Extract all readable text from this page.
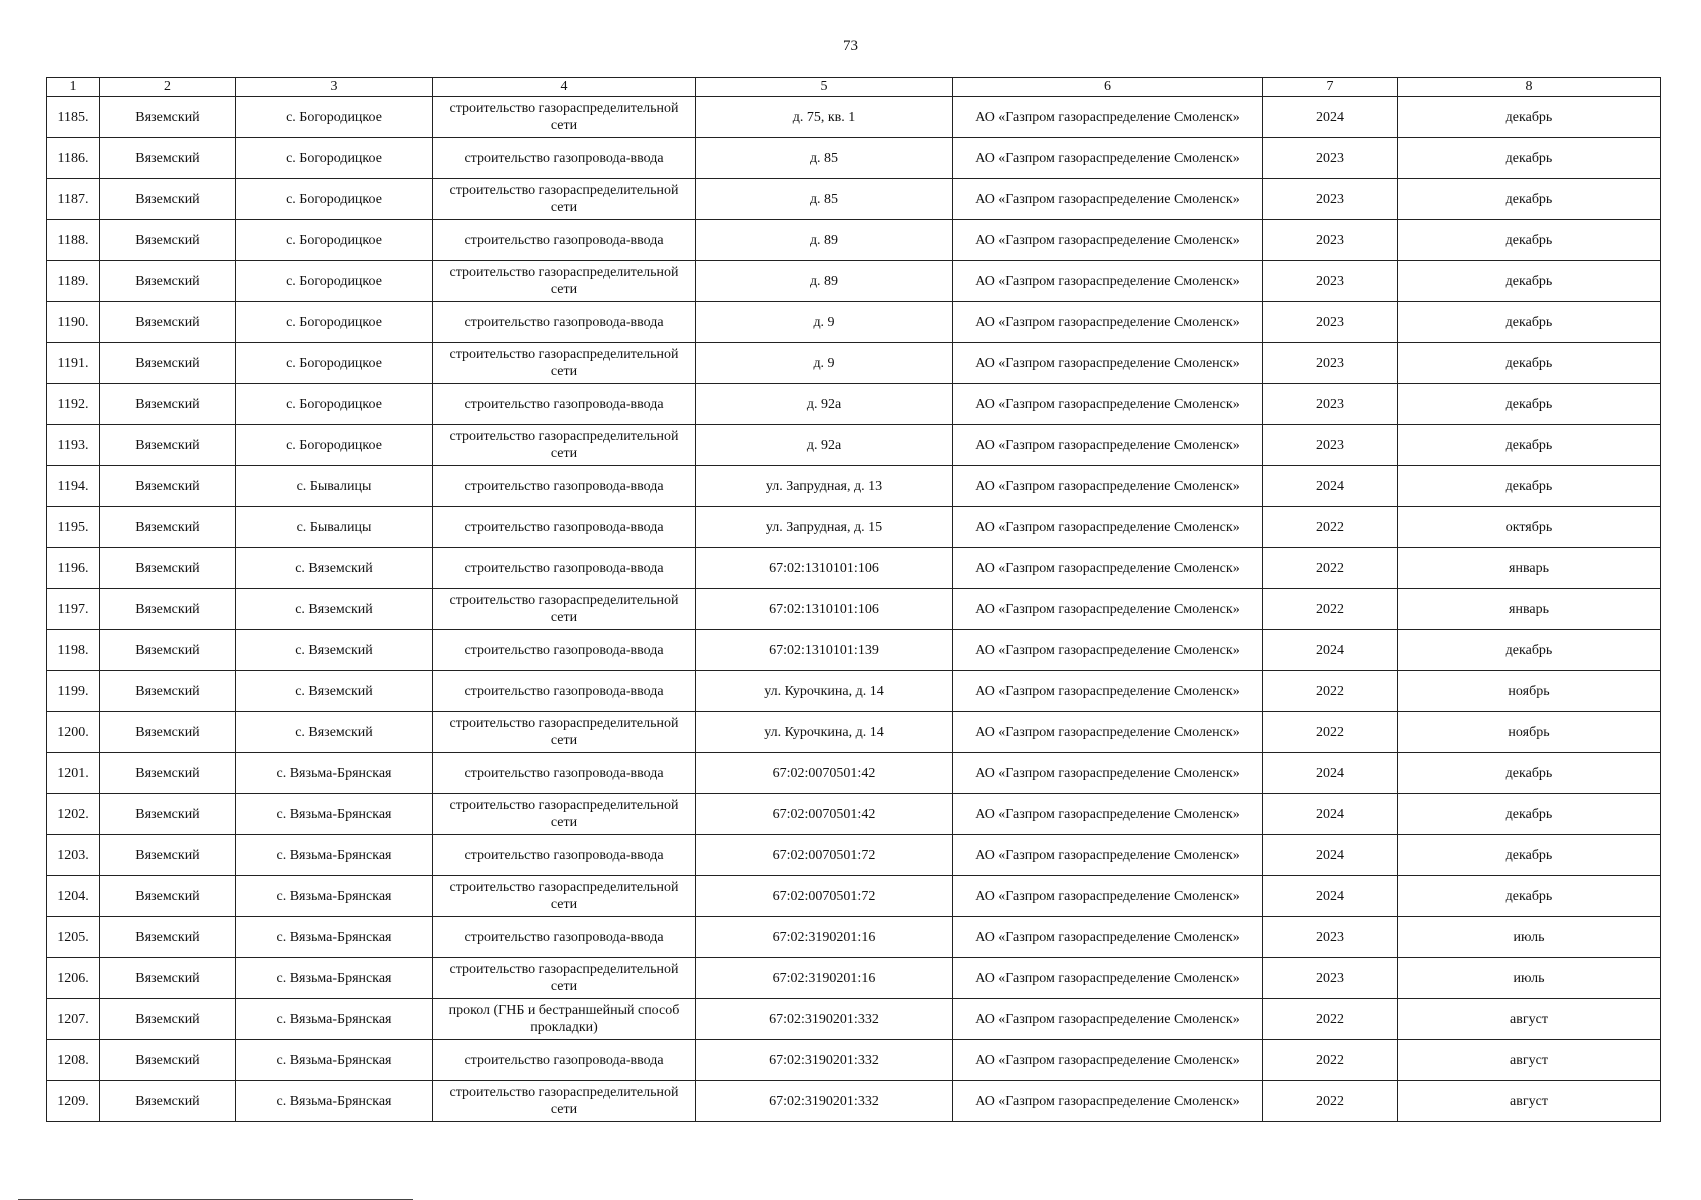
73
1	2	3	4	5	6	7	8
1185.	Вяземский	с. Богородицкое	строительство газораспределительной сети	д. 75, кв. 1	АО «Газпром газораспределение Смоленск»	2024	декабрь
1186.	Вяземский	с. Богородицкое	строительство газопровода-ввода	д. 85	АО «Газпром газораспределение Смоленск»	2023	декабрь
1187.	Вяземский	с. Богородицкое	строительство газораспределительной сети	д. 85	АО «Газпром газораспределение Смоленск»	2023	декабрь
1188.	Вяземский	с. Богородицкое	строительство газопровода-ввода	д. 89	АО «Газпром газораспределение Смоленск»	2023	декабрь
1189.	Вяземский	с. Богородицкое	строительство газораспределительной сети	д. 89	АО «Газпром газораспределение Смоленск»	2023	декабрь
1190.	Вяземский	с. Богородицкое	строительство газопровода-ввода	д. 9	АО «Газпром газораспределение Смоленск»	2023	декабрь
1191.	Вяземский	с. Богородицкое	строительство газораспределительной сети	д. 9	АО «Газпром газораспределение Смоленск»	2023	декабрь
1192.	Вяземский	с. Богородицкое	строительство газопровода-ввода	д. 92а	АО «Газпром газораспределение Смоленск»	2023	декабрь
1193.	Вяземский	с. Богородицкое	строительство газораспределительной сети	д. 92а	АО «Газпром газораспределение Смоленск»	2023	декабрь
1194.	Вяземский	с. Бывалицы	строительство газопровода-ввода	ул. Запрудная, д. 13	АО «Газпром газораспределение Смоленск»	2024	декабрь
1195.	Вяземский	с. Бывалицы	строительство газопровода-ввода	ул. Запрудная, д. 15	АО «Газпром газораспределение Смоленск»	2022	октябрь
1196.	Вяземский	с. Вяземский	строительство газопровода-ввода	67:02:1310101:106	АО «Газпром газораспределение Смоленск»	2022	январь
1197.	Вяземский	с. Вяземский	строительство газораспределительной сети	67:02:1310101:106	АО «Газпром газораспределение Смоленск»	2022	январь
1198.	Вяземский	с. Вяземский	строительство газопровода-ввода	67:02:1310101:139	АО «Газпром газораспределение Смоленск»	2024	декабрь
1199.	Вяземский	с. Вяземский	строительство газопровода-ввода	ул. Курочкина, д. 14	АО «Газпром газораспределение Смоленск»	2022	ноябрь
1200.	Вяземский	с. Вяземский	строительство газораспределительной сети	ул. Курочкина, д. 14	АО «Газпром газораспределение Смоленск»	2022	ноябрь
1201.	Вяземский	с. Вязьма-Брянская	строительство газопровода-ввода	67:02:0070501:42	АО «Газпром газораспределение Смоленск»	2024	декабрь
1202.	Вяземский	с. Вязьма-Брянская	строительство газораспределительной сети	67:02:0070501:42	АО «Газпром газораспределение Смоленск»	2024	декабрь
1203.	Вяземский	с. Вязьма-Брянская	строительство газопровода-ввода	67:02:0070501:72	АО «Газпром газораспределение Смоленск»	2024	декабрь
1204.	Вяземский	с. Вязьма-Брянская	строительство газораспределительной сети	67:02:0070501:72	АО «Газпром газораспределение Смоленск»	2024	декабрь
1205.	Вяземский	с. Вязьма-Брянская	строительство газопровода-ввода	67:02:3190201:16	АО «Газпром газораспределение Смоленск»	2023	июль
1206.	Вяземский	с. Вязьма-Брянская	строительство газораспределительной сети	67:02:3190201:16	АО «Газпром газораспределение Смоленск»	2023	июль
1207.	Вяземский	с. Вязьма-Брянская	прокол (ГНБ и бестраншейный способ прокладки)	67:02:3190201:332	АО «Газпром газораспределение Смоленск»	2022	август
1208.	Вяземский	с. Вязьма-Брянская	строительство газопровода-ввода	67:02:3190201:332	АО «Газпром газораспределение Смоленск»	2022	август
1209.	Вяземский	с. Вязьма-Брянская	строительство газораспределительной сети	67:02:3190201:332	АО «Газпром газораспределение Смоленск»	2022	август
